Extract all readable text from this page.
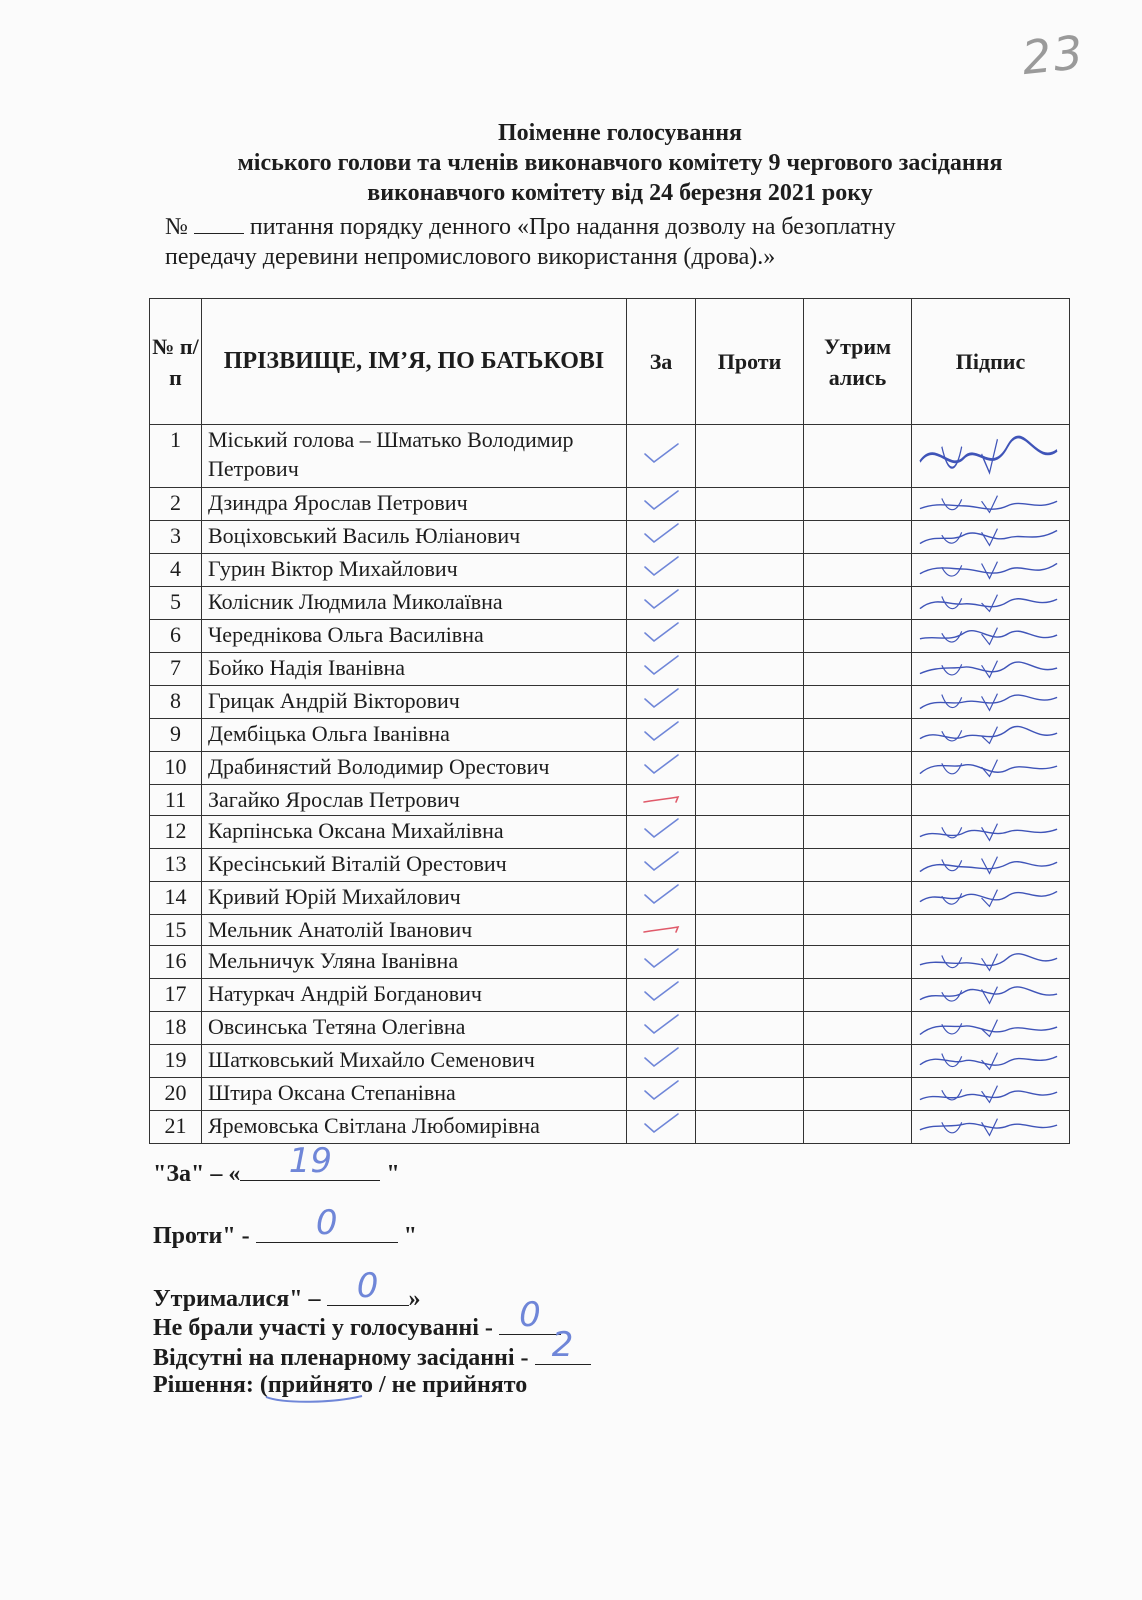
23
Поіменне голосування
міського голови та членів виконавчого комітету 9 чергового засідання
виконавчого комітету від 24 березня 2021 року
№	питання порядку денного «Про надання дозволу на безоплатну
передачу деревини непромислового використання (дрова).»
№ п/п	ПРІЗВИЩЕ, ІМ’Я, ПО БАТЬКОВІ	За	Проти	Утрим ались	Підпис
1	Міський голова – Шматько Володимир Петрович				

2	Дзиндра Ярослав Петрович				

3	Воціховський Василь Юліанович				

4	Гурин Віктор Михайлович				

5	Колісник Людмила Миколаївна				

6	Череднікова Ольга Василівна				

7	Бойко Надія Іванівна				

8	Грицак Андрій Вікторович				

9	Дембіцька Ольга Іванівна				

10	Драбинястий Володимир Орестович				

11	Загайко Ярослав Петрович				
12	Карпінська Оксана Михайлівна				

13	Кресінський Віталій Орестович				

14	Кривий Юрій Михайлович				

15	Мельник Анатолій Іванович				
16	Мельничук Уляна Іванівна				

17	Натуркач Андрій Богданович				

18	Овсинська Тетяна Олегівна				

19	Шатковський Михайло Семенович				

20	Штира Оксана Степанівна				

21	Яремовська Світлана Любомирівна				
"За" – « 19 "
Проти" - 0	"
Утрималися" – 0 »
Не брали участі у голосуванні - 0
Відсутні на пленарному засіданні - 2
Рішення: (прийнято
/ не прийнято
